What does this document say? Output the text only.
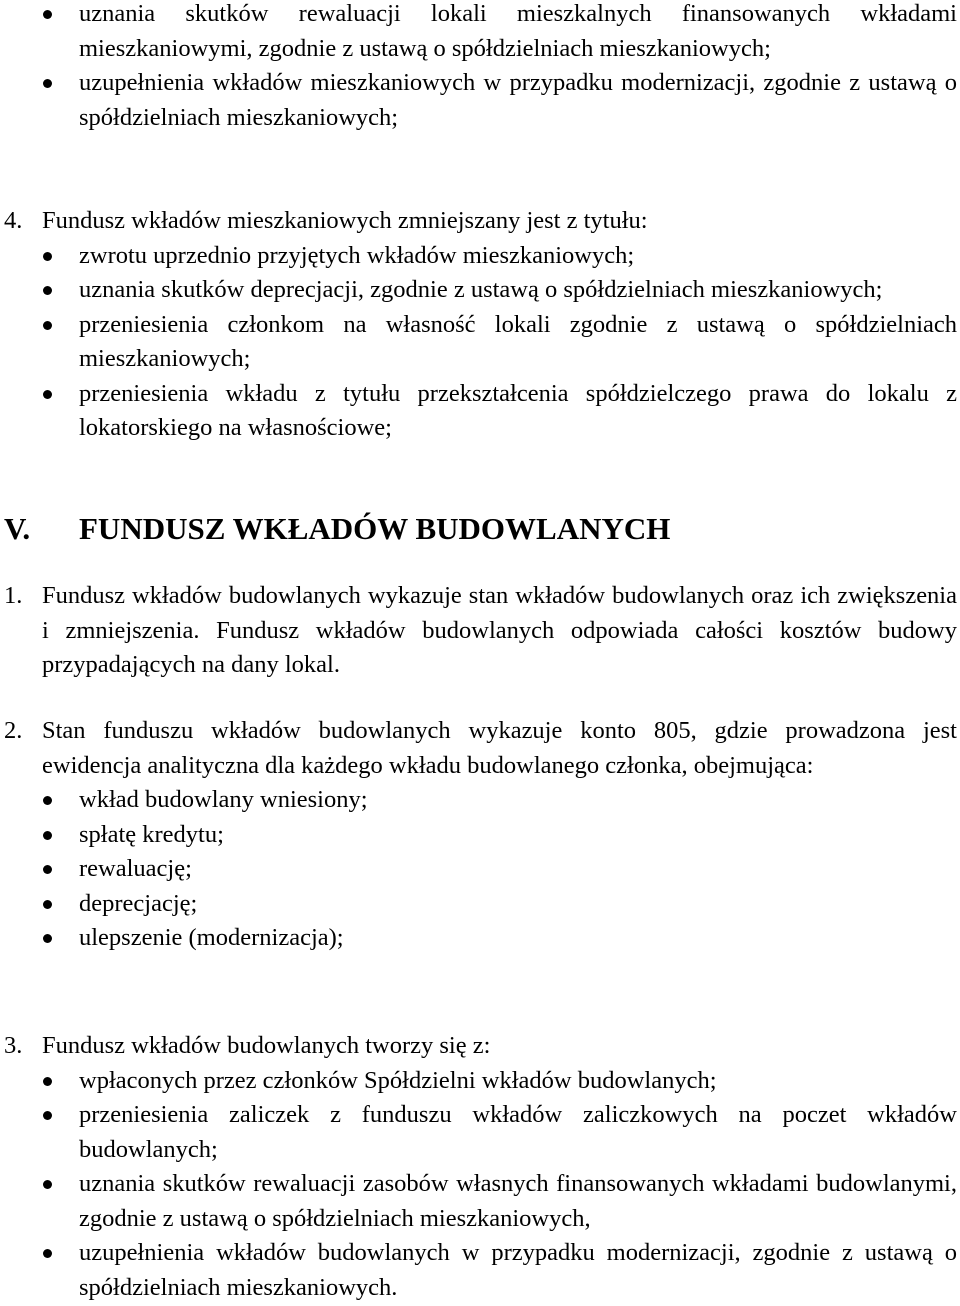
uznania skutków rewaluacji lokali mieszkalnych finansowanych wkładami mieszkaniowymi, zgodnie z ustawą o spółdzielniach mieszkaniowych;
uzupełnienia wkładów mieszkaniowych w przypadku modernizacji, zgodnie z ustawą o spółdzielniach mieszkaniowych;
4. Fundusz wkładów mieszkaniowych zmniejszany jest z tytułu:
zwrotu uprzednio przyjętych wkładów mieszkaniowych;
uznania skutków deprecjacji, zgodnie z ustawą o spółdzielniach mieszkaniowych;
przeniesienia członkom na własność lokali zgodnie z ustawą o spółdzielniach mieszkaniowych;
przeniesienia wkładu z tytułu przekształcenia spółdzielczego prawa do lokalu z lokatorskiego na własnościowe;
V. FUNDUSZ WKŁADÓW BUDOWLANYCH
1. Fundusz wkładów budowlanych wykazuje stan wkładów budowlanych oraz ich zwiększenia i zmniejszenia. Fundusz wkładów budowlanych odpowiada całości kosztów budowy przypadających na dany lokal.
2. Stan funduszu wkładów budowlanych wykazuje konto 805, gdzie prowadzona jest ewidencja analityczna dla każdego wkładu budowlanego członka, obejmująca:
wkład budowlany wniesiony;
spłatę kredytu;
rewaluację;
deprecjację;
ulepszenie (modernizacja);
3. Fundusz wkładów budowlanych tworzy się z:
wpłaconych przez członków Spółdzielni wkładów budowlanych;
przeniesienia zaliczek z funduszu wkładów zaliczkowych na poczet wkładów budowlanych;
uznania skutków rewaluacji zasobów własnych finansowanych wkładami budowlanymi, zgodnie z ustawą o spółdzielniach mieszkaniowych,
uzupełnienia wkładów budowlanych w przypadku modernizacji, zgodnie z ustawą o spółdzielniach mieszkaniowych.
